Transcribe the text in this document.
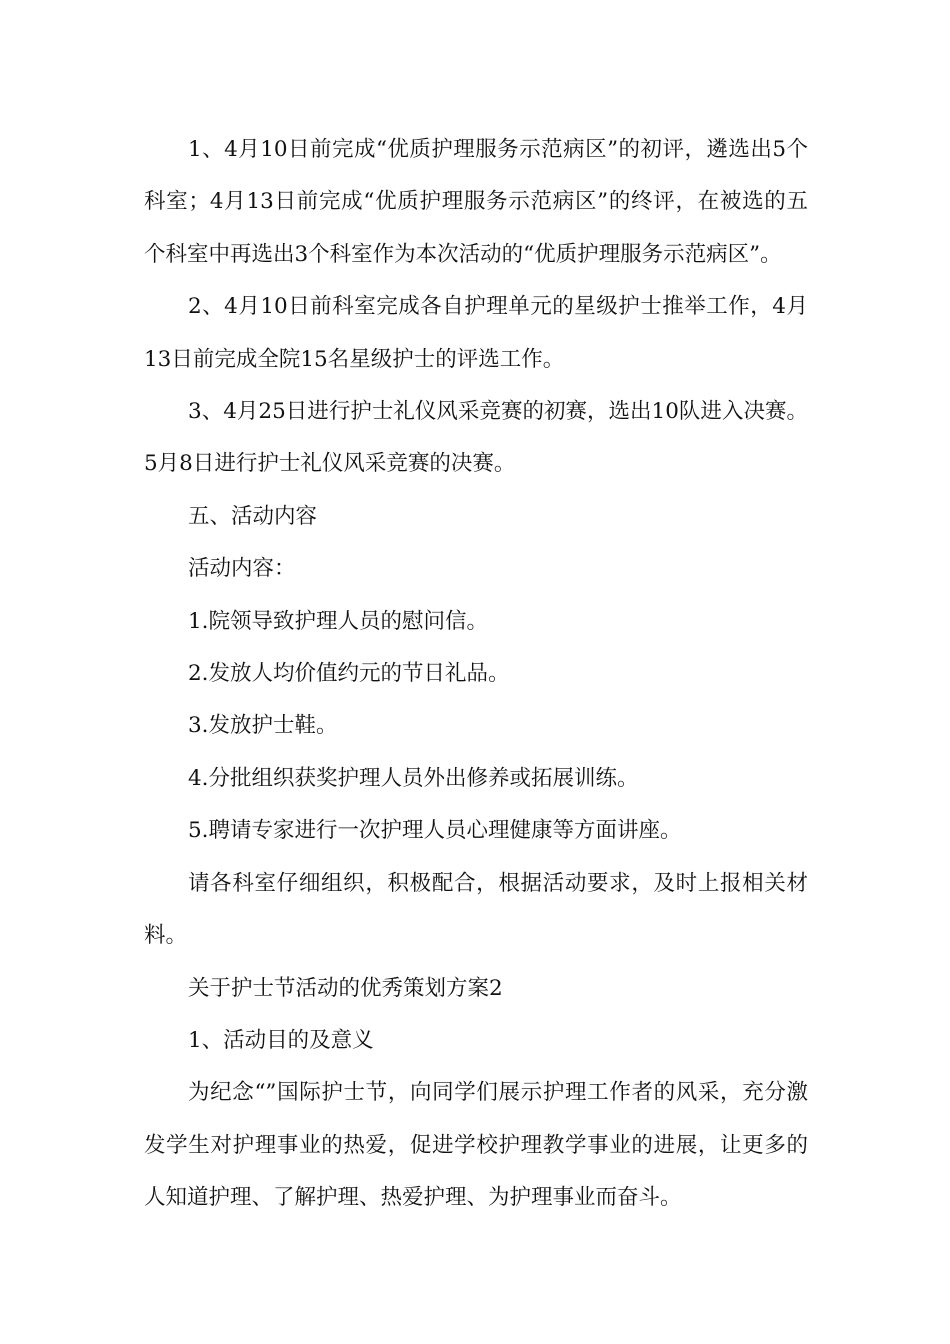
1、4月10日前完成“优质护理服务示范病区”的初评，遴选出5个科室；4月13日前完成“优质护理服务示范病区”的终评，在被选的五个科室中再选出3个科室作为本次活动的“优质护理服务示范病区”。

2、4月10日前科室完成各自护理单元的星级护士推举工作，4月13日前完成全院15名星级护士的评选工作。

3、4月25日进行护士礼仪风采竞赛的初赛，选出10队进入决赛。5月8日进行护士礼仪风采竞赛的决赛。

五、活动内容

活动内容：

1.院领导致护理人员的慰问信。

2.发放人均价值约元的节日礼品。

3.发放护士鞋。

4.分批组织获奖护理人员外出修养或拓展训练。

5.聘请专家进行一次护理人员心理健康等方面讲座。

请各科室仔细组织，积极配合，根据活动要求，及时上报相关材料。

关于护士节活动的优秀策划方案2

1、活动目的及意义

为纪念“”国际护士节，向同学们展示护理工作者的风采，充分激发学生对护理事业的热爱，促进学校护理教学事业的进展，让更多的人知道护理、了解护理、热爱护理、为护理事业而奋斗。
